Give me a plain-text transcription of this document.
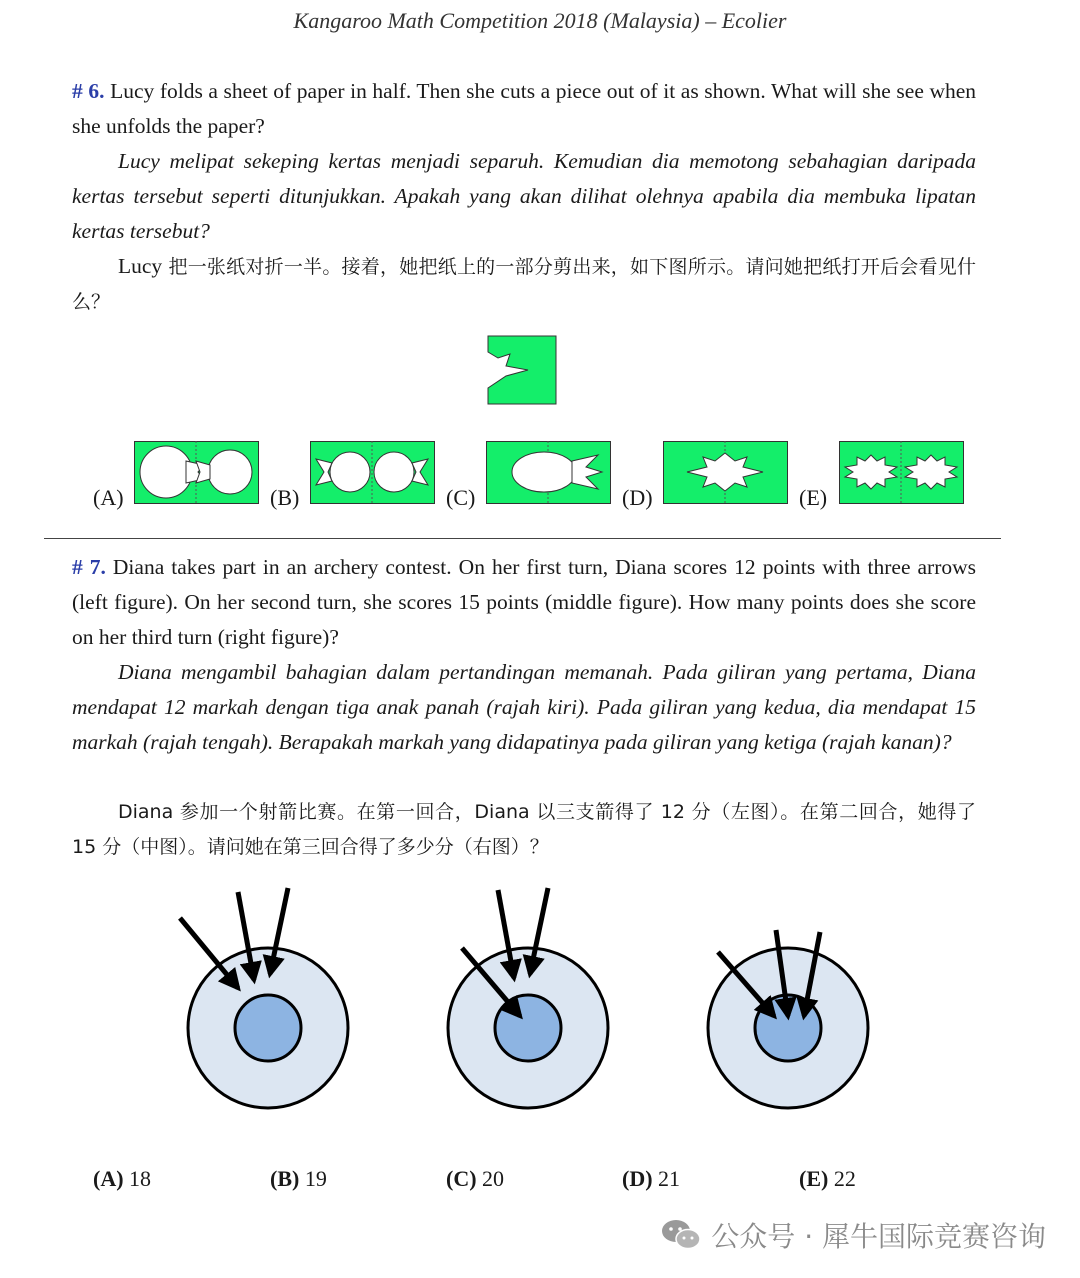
Kangaroo Math Competition 2018 (Malaysia) – Ecolier
# 6. Lucy folds a sheet of paper in half. Then she cuts a piece out of it as shown. What will she see when she unfolds the paper?
Lucy melipat sekeping kertas menjadi separuh. Kemudian dia memotong sebahagian daripada kertas tersebut seperti ditunjukkan. Apakah yang akan dilihat olehnya apabila dia membuka lipatan kertas tersebut?
Lucy 把一张纸对折一半。接着，她把纸上的一部分剪出来，如下图所示。请问她把纸打开后会看见什么？
(A)	(B)	(C)	(D)	(E)
# 7. Diana takes part in an archery contest. On her first turn, Diana scores 12 points with three arrows (left figure). On her second turn, she scores 15 points (middle figure). How many points does she score on her third turn (right figure)?
Diana mengambil bahagian dalam pertandingan memanah. Pada giliran yang pertama, Diana mendapat 12 markah dengan tiga anak panah (rajah kiri). Pada giliran yang kedua, dia mendapat 15 markah (rajah tengah). Berapakah markah yang didapatinya pada giliran yang ketiga (rajah kanan)?
Diana 参加一个射箭比赛。在第一回合，Diana 以三支箭得了 12 分（左图）。在第二回合，她得了 15 分（中图）。请问她在第三回合得了多少分（右图）？
(A) 18	(B) 19	(C) 20	(D) 21	(E) 22
公众号 · 犀牛国际竞赛咨询
